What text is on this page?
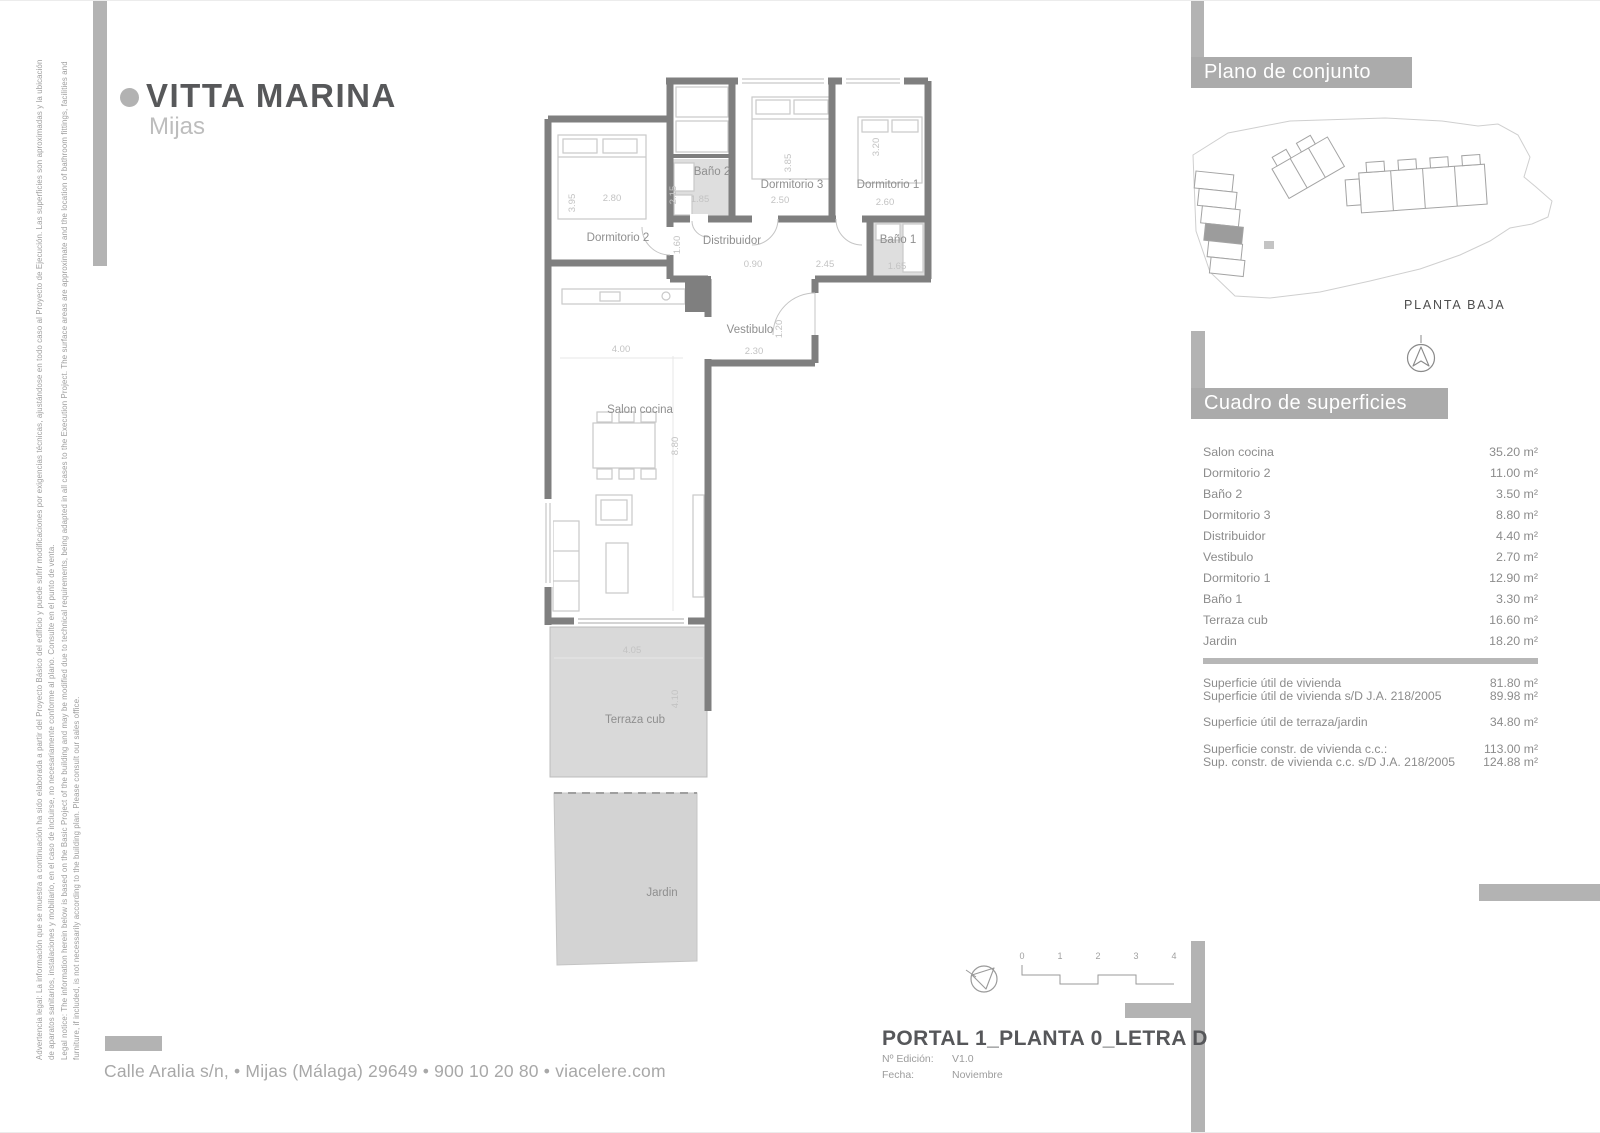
VITTA MARINA
Mijas

Advertencia legal: La información que se muestra a continuación ha sido elaborada a partir del Proyecto Básico del edificio y puede sufrir modificaciones por exigencias técnicas, ajustándose en todo caso al Proyecto de Ejecución. Las superficies son aproximadas y la ubicación de aparatos sanitarios, instalaciones y mobiliario, en el caso de incluirse, no necesariamente conforme al plano. Consulte en el punto de venta. Legal notice: The information herein below is based on the Basic Project of the building and may be modified due to technical requirements, being adapted in all cases to the Execution Project. The surface areas are approximate and the location of bathroom fittings, facilities and furniture, if included, is not necessarily according to the building plan. Please consult our sales office.

Plano de conjunto
Cuadro de superficies
PLANTA BAJA
Salon cocina	35.20 m²
Dormitorio 2	11.00 m²
Baño 2	3.50 m²
Dormitorio 3	8.80 m²
Distribuidor	4.40 m²
Vestibulo	2.70 m²
Dormitorio 1	12.90 m²
Baño 1	3.30 m²
Terraza cub	16.60 m²
Jardin	18.20 m²
Superficie útil de vivienda	81.80 m²
Superficie útil de vivienda s/D J.A. 218/2005	89.98 m²
Superficie útil de terraza/jardin	34.80 m²
Superficie constr. de vivienda c.c.:	113.00 m²
Sup. constr. de vivienda c.c. s/D J.A. 218/2005 124.88 m²
Dormitorio 2
Baño 2
Dormitorio 3	Dormitorio 1
Distribuidor	Baño 1
Vestibulo
Salon cocina
Terraza cub
Jardin
3.95	2.80	2.15 1.85	2.50
3.85
2.60
3.20
1.60
0.90	2.45	1.65
2.30
1.20
4.00
8.80
4.05
4.10
0	1	2	3	4
PORTAL 1_PLANTA 0_LETRA D
Nº Edición:	V1.0
Fecha:	Noviembre
Calle Aralia s/n, • Mijas (Málaga) 29649 • 900 10 20 80 • viacelere.com
